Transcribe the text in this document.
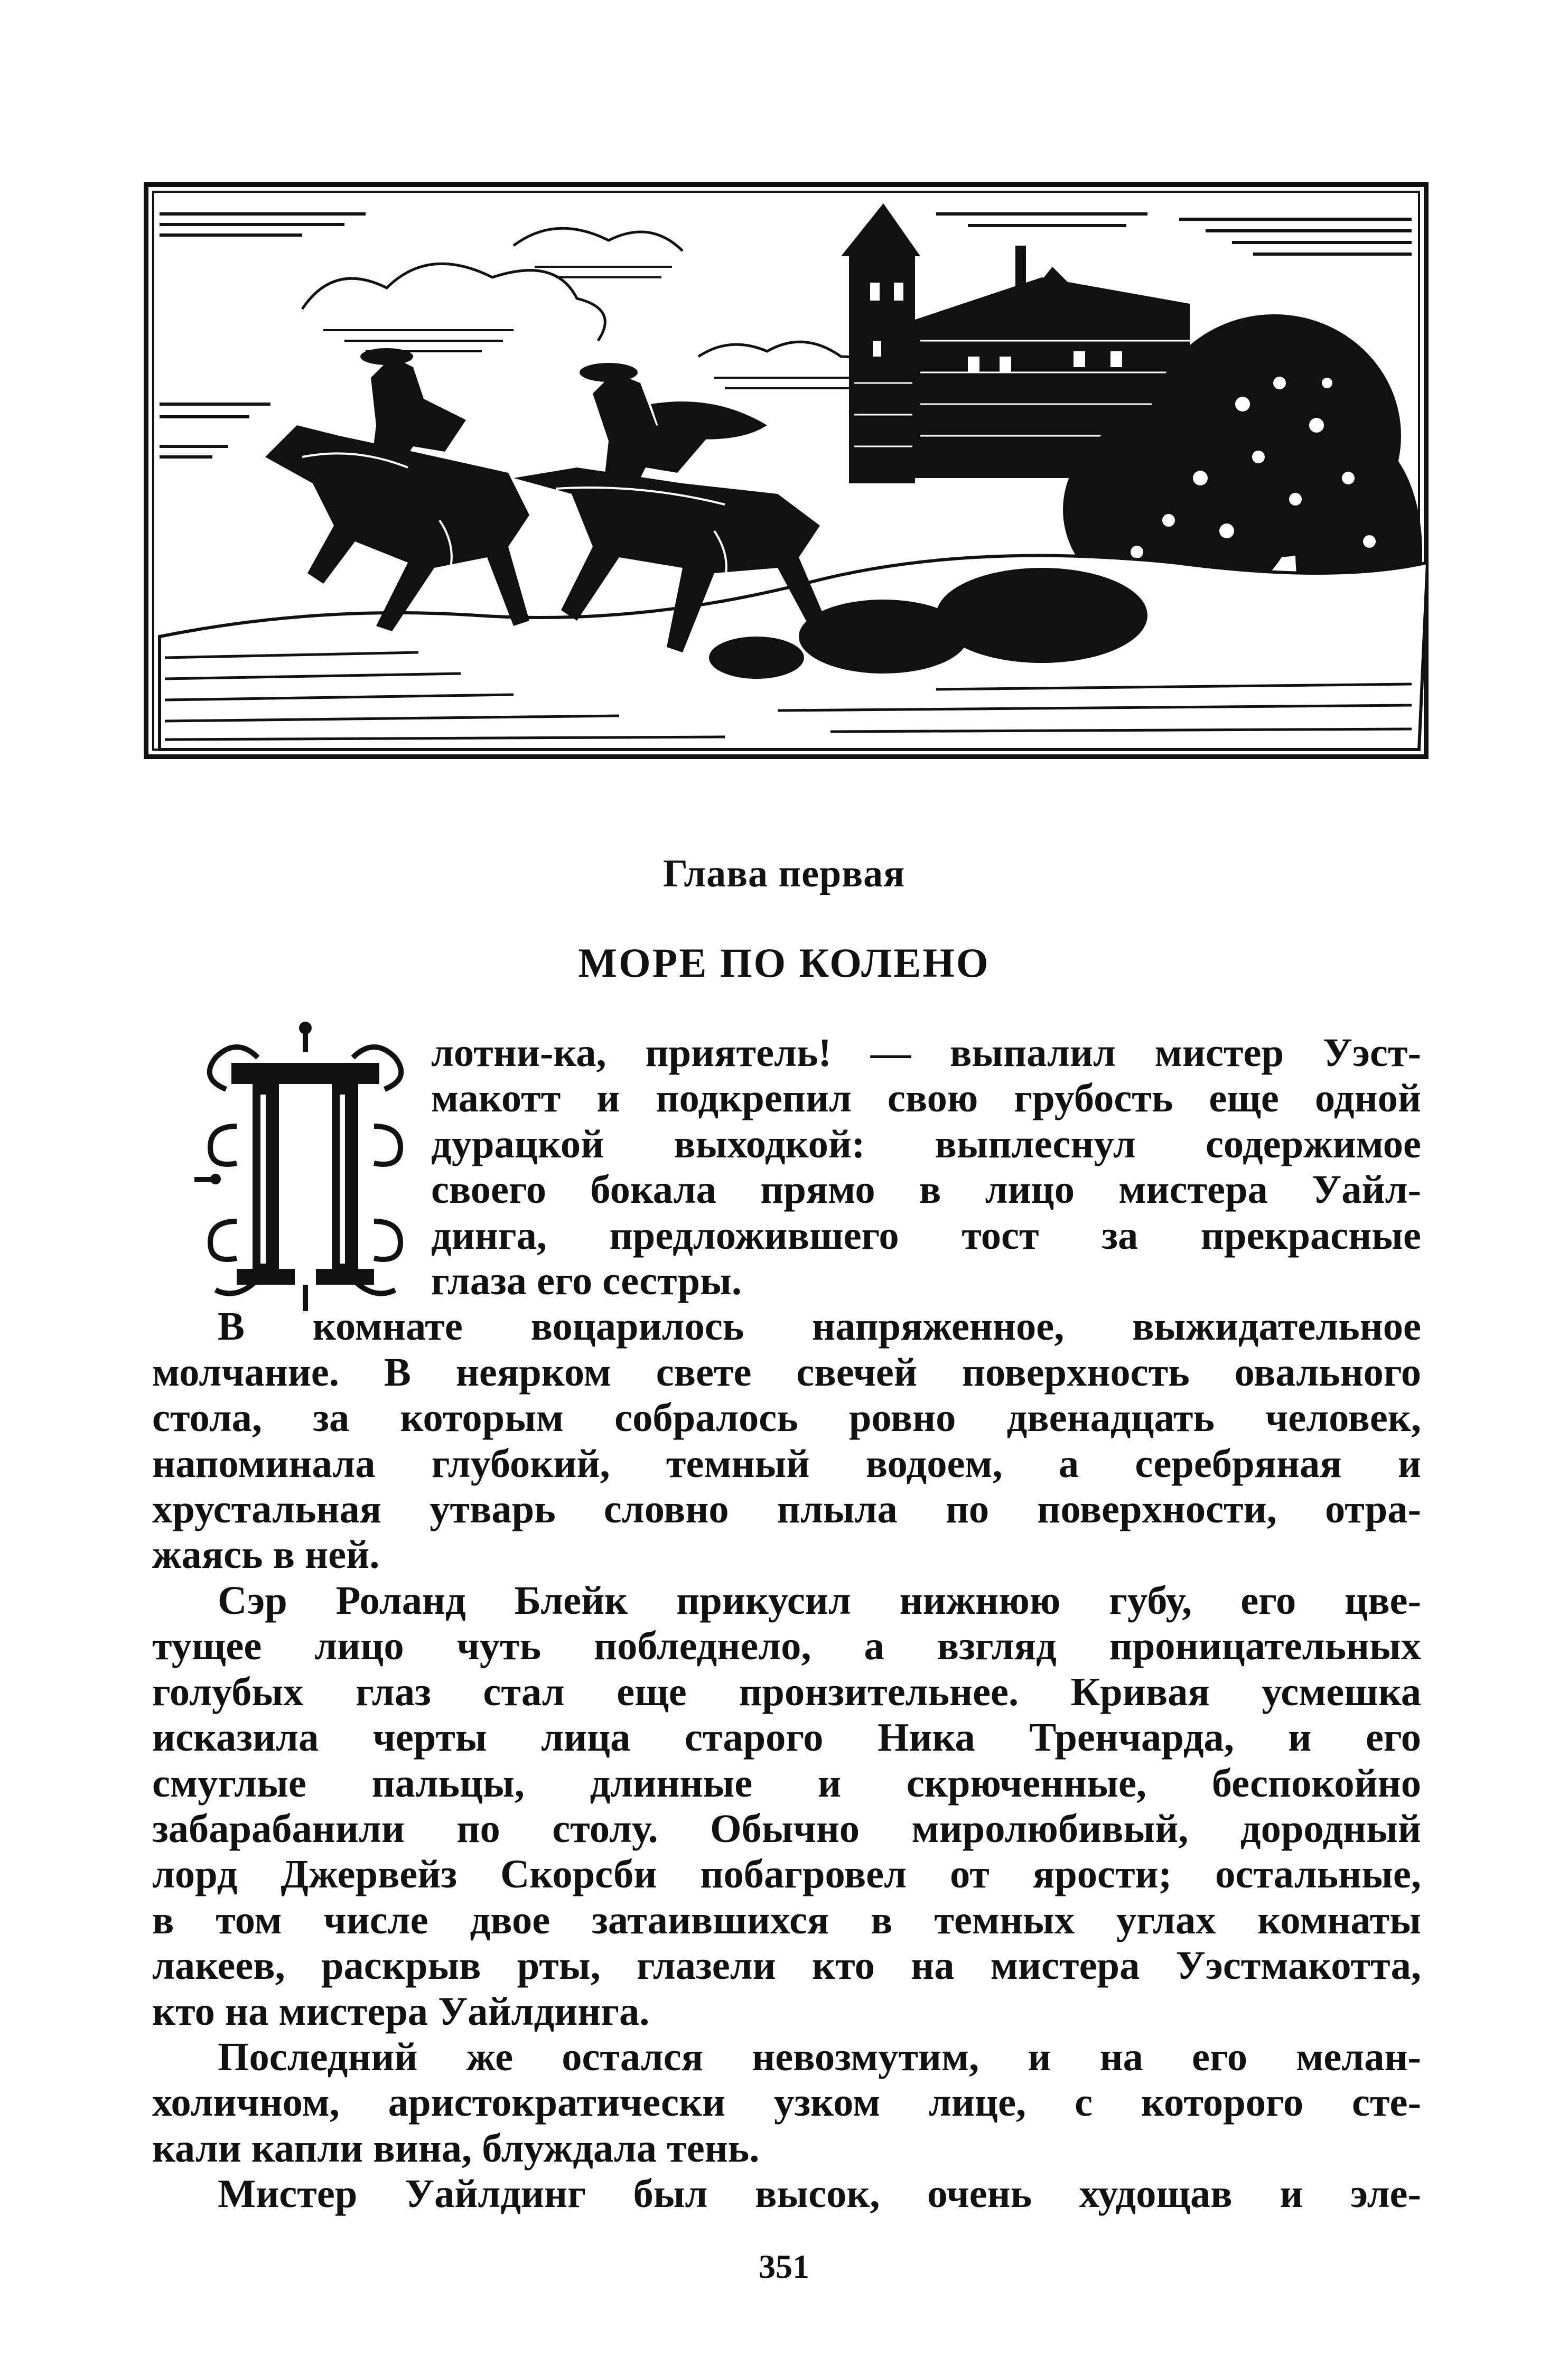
Глава первая
МОРЕ ПО КОЛЕНО
лотни-ка, приятель! — выпалил мистер Уэст-
макотт и подкрепил свою грубость еще одной
дурацкой выходкой: выплеснул содержимое
своего бокала прямо в лицо мистера Уайл-
динга, предложившего тост за прекрасные
глаза его сестры.
В комнате воцарилось напряженное, выжидательное
молчание. В неярком свете свечей поверхность овального
стола, за которым собралось ровно двенадцать человек,
напоминала глубокий, темный водоем, а серебряная и
хрустальная утварь словно плыла по поверхности, отра-
жаясь в ней.
Сэр Роланд Блейк прикусил нижнюю губу, его цве-
тущее лицо чуть побледнело, а взгляд проницательных
голубых глаз стал еще пронзительнее. Кривая усмешка
исказила черты лица старого Ника Тренчарда, и его
смуглые пальцы, длинные и скрюченные, беспокойно
забарабанили по столу. Обычно миролюбивый, дородный
лорд Джервейз Скорсби побагровел от ярости; остальные,
в том числе двое затаившихся в темных углах комнаты
лакеев, раскрыв рты, глазели кто на мистера Уэстмакотта,
кто на мистера Уайлдинга.
Последний же остался невозмутим, и на его мелан-
холичном, аристократически узком лице, с которого сте-
кали капли вина, блуждала тень.
Мистер Уайлдинг был высок, очень худощав и эле-
351
